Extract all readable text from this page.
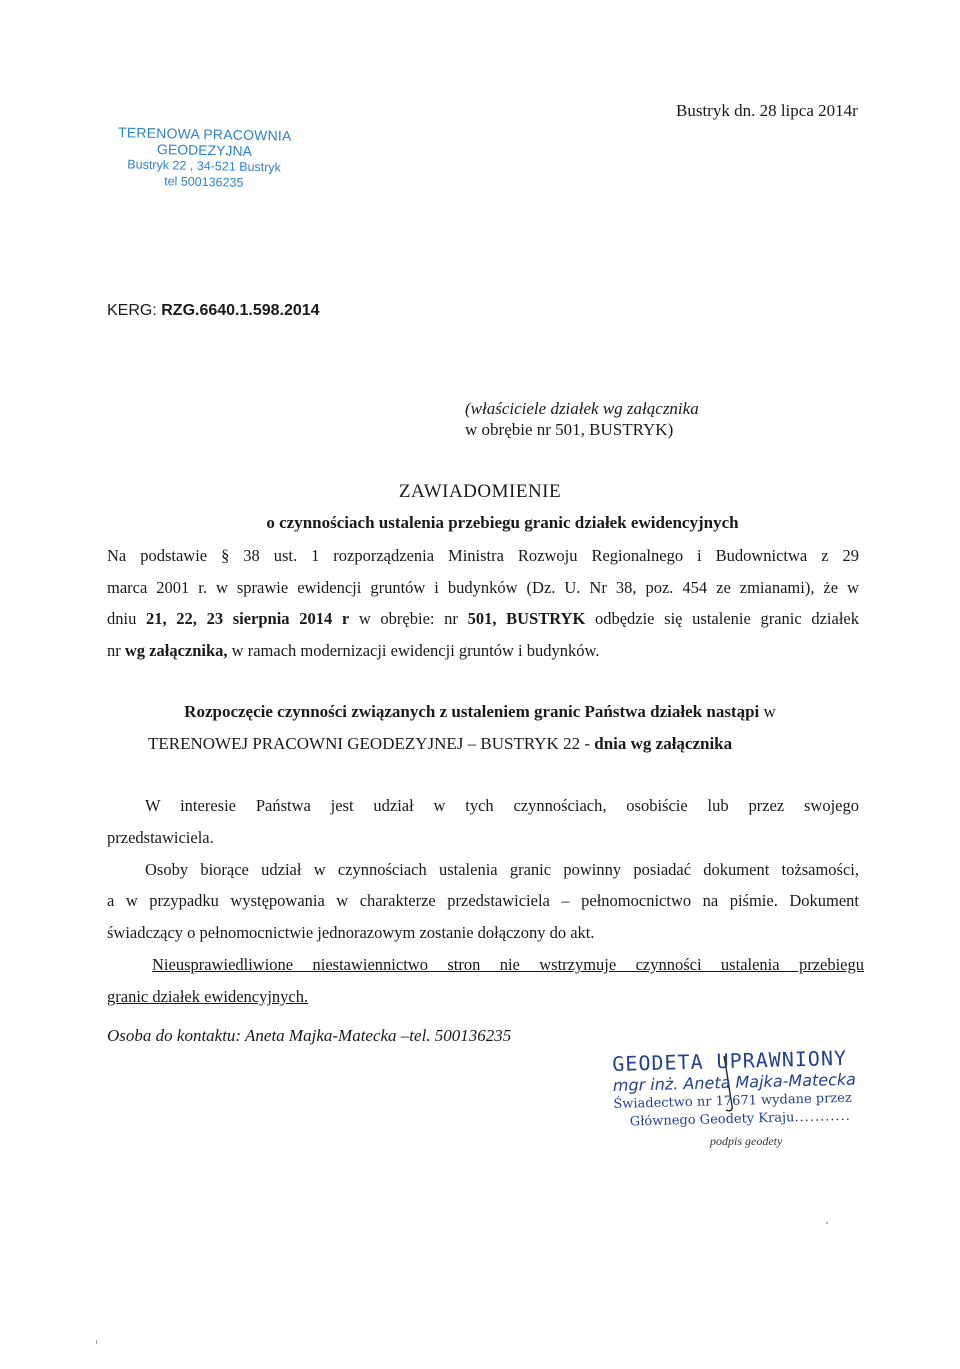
Bustryk dn. 28 lipca 2014r
TERENOWA PRACOWNIA
GEODEZYJNA
Bustryk 22 , 34-521 Bustryk
tel 500136235
KERG: RZG.6640.1.598.2014
(właściciele działek wg załącznika
w obrębie nr 501, BUSTRYK)
ZAWIADOMIENIE
o czynnościach ustalenia przebiegu granic działek ewidencyjnych
Na podstawie § 38 ust. 1 rozporządzenia Ministra Rozwoju Regionalnego i Budownictwa z 29
marca 2001 r. w sprawie ewidencji gruntów i budynków (Dz. U. Nr 38, poz. 454 ze zmianami), że w
dniu 21, 22, 23 sierpnia 2014 r w obrębie: nr 501, BUSTRYK odbędzie się ustalenie granic działek
nr wg załącznika, w ramach modernizacji ewidencji gruntów i budynków.
Rozpoczęcie czynności związanych z ustaleniem granic Państwa działek nastąpi w
TERENOWEJ PRACOWNI GEODEZYJNEJ – BUSTRYK 22 - dnia wg załącznika
W interesie Państwa jest udział w tych czynnościach, osobiście lub przez swojego
przedstawiciela.
Osoby biorące udział w czynnościach ustalenia granic powinny posiadać dokument tożsamości,
a w przypadku występowania w charakterze przedstawiciela – pełnomocnictwo na piśmie. Dokument
świadczący o pełnomocnictwie jednorazowym zostanie dołączony do akt.
Nieusprawiedliwione niestawiennictwo stron nie wstrzymuje czynności ustalenia przebiegu
granic działek ewidencyjnych.
Osoba do kontaktu: Aneta Majka-Matecka –tel. 500136235
GEODETA UPRAWNIONY
mgr inż. Aneta Majka-Matecka
Świadectwo nr 17671 wydane przez
Głównego Geodety Kraju...........
podpis geodety
